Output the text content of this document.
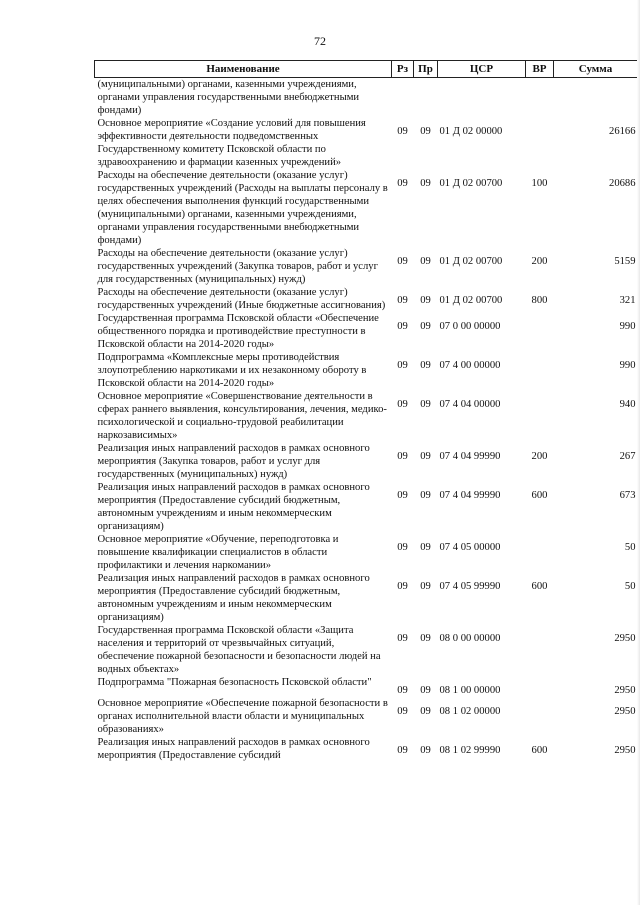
72
Наименование	Рз	Пр	ЦСР	ВР	Сумма
(муниципальными) органами, казенными учреждениями, органами управления государственными внебюджетными фондами)					
Основное мероприятие «Создание условий для повышения эффективности деятельности подведомственных Государственному комитету Псковской области по здравоохранению и фармации казенных учреждений»	09	09	01 Д 02 00000		26166
Расходы на обеспечение деятельности (оказание услуг) государственных учреждений (Расходы на выплаты персоналу в целях обеспечения выполнения функций государственными (муниципальными) органами, казенными учреждениями, органами управления государственными внебюджетными фондами)	09	09	01 Д 02 00700	100	20686
Расходы на обеспечение деятельности (оказание услуг) государственных учреждений (Закупка товаров, работ и услуг для государственных (муниципальных) нужд)	09	09	01 Д 02 00700	200	5159
Расходы на обеспечение деятельности (оказание услуг) государственных учреждений (Иные бюджетные ассигнования)	09	09	01 Д 02 00700	800	321
Государственная программа Псковской области «Обеспечение общественного порядка и противодействие преступности в Псковской области на 2014-2020 годы»	09	09	07 0 00 00000		990
Подпрограмма «Комплексные меры противодействия злоупотреблению наркотиками и их незаконному обороту в Псковской области на 2014-2020 годы»	09	09	07 4 00 00000		990
Основное мероприятие «Совершенствование деятельности в сферах раннего выявления, консультирования, лечения, медико-психологической и социально-трудовой реабилитации наркозависимых»	09	09	07 4 04 00000		940
Реализация иных направлений расходов в рамках основного мероприятия (Закупка товаров, работ и услуг для государственных (муниципальных) нужд)	09	09	07 4 04 99990	200	267
Реализация иных направлений расходов в рамках основного мероприятия (Предоставление субсидий бюджетным, автономным учреждениям и иным некоммерческим организациям)	09	09	07 4 04 99990	600	673
Основное мероприятие «Обучение, переподготовка и повышение квалификации специалистов в области профилактики и лечения наркомании»	09	09	07 4 05 00000		50
Реализация иных направлений расходов в рамках основного мероприятия (Предоставление субсидий бюджетным, автономным учреждениям и иным некоммерческим организациям)	09	09	07 4 05 99990	600	50
Государственная программа Псковской области «Защита населения и территорий от чрезвычайных ситуаций, обеспечение пожарной безопасности и безопасности людей на водных объектах»	09	09	08 0 00 00000		2950
Подпрограмма "Пожарная безопасность Псковской области"	09	09	08 1 00 00000		2950
Основное мероприятие «Обеспечение пожарной безопасности в органах исполнительной власти области и муниципальных образованиях»	09	09	08 1 02 00000		2950
Реализация иных направлений расходов в рамках основного мероприятия (Предоставление субсидий	09	09	08 1 02 99990	600	2950
